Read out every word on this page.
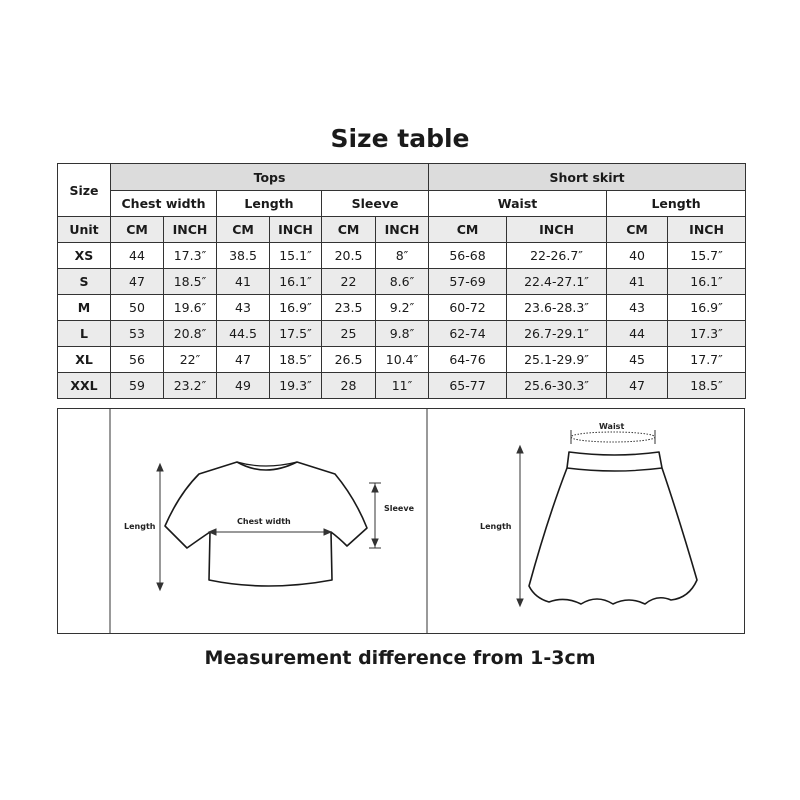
Size table
Size	Tops						Short skirt			
	Chest width		Length		Sleeve		Waist		Length	
Unit	CM	INCH	CM	INCH	CM	INCH	CM	INCH	CM	INCH
XS	44	17.3″	38.5	15.1″	20.5	8″	56-68	22-26.7″	40	15.7″
S	47	18.5″	41	16.1″	22	8.6″	57-69	22.4-27.1″	41	16.1″
M	50	19.6″	43	16.9″	23.5	9.2″	60-72	23.6-28.3″	43	16.9″
L	53	20.8″	44.5	17.5″	25	9.8″	62-74	26.7-29.1″	44	17.3″
XL	56	22″	47	18.5″	26.5	10.4″	64-76	25.1-29.9″	45	17.7″
XXL	59	23.2″	49	19.3″	28	11″	65-77	25.6-30.3″	47	18.5″
Length
Chest width
Sleeve
Waist
Length
Measurement difference from 1-3cm
